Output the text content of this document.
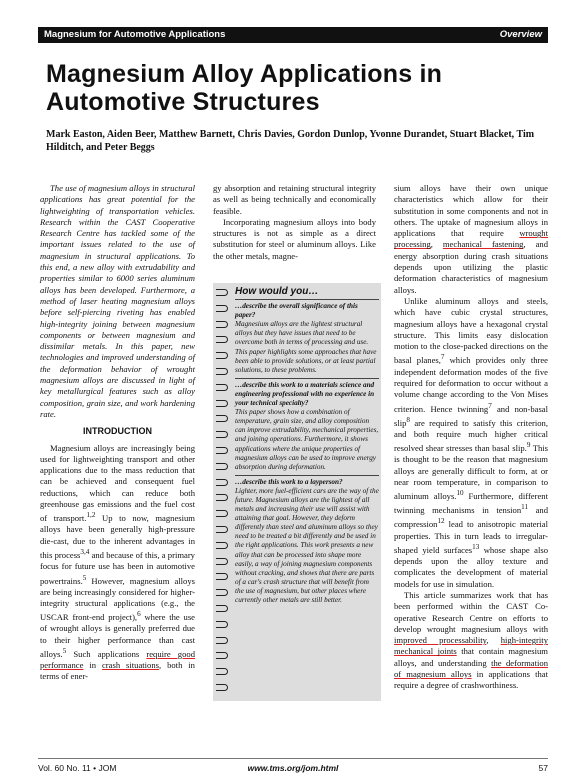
Magnesium for Automotive Applications	Overview
Magnesium Alloy Applications in Automotive Structures
Mark Easton, Aiden Beer, Matthew Barnett, Chris Davies, Gordon Dunlop, Yvonne Durandet, Stuart Blacket, Tim Hilditch, and Peter Beggs

The use of magnesium alloys in structural applications has great potential for the lightweighting of transportation vehicles. Research within the CAST Cooperative Research Centre has tackled some of the important issues related to the use of magnesium in structural applications. To this end, a new alloy with extrudability and properties similar to 6000 series aluminum alloys has been developed. Furthermore, a method of laser heating magnesium alloys before self-piercing riveting has enabled high-integrity joining between magnesium components or between magnesium and dissimilar metals. In this paper, new technologies and improved understanding of the deformation behavior of wrought magnesium alloys are discussed in light of key metallurgical features such as alloy composition, grain size, and work hardening rate.

INTRODUCTION

Magnesium alloys are increasingly being used for lightweighting transport and other applications due to the mass reduction that can be achieved and consequent fuel reductions, which can reduce both greenhouse gas emissions and the fuel cost of transport.$^{1,2}$ Up to now, magnesium alloys have been generally high-pressure die-cast, due to the inherent advantages in this process$^{3,4}$ and because of this, a primary focus for future use has been in automotive powertrains.$^5$ However, magnesium alloys are being increasingly considered for higher-integrity structural applications (e.g., the USCAR front-end project),$^6$ where the use of wrought alloys is generally preferred due to their higher performance than cast alloys.$^5$ Such applications require good performance in crash situations, both in terms of ener-

gy absorption and retaining structural integrity as well as being technically and economically feasible.

Incorporating magnesium alloys into body structures is not as simple as a direct substitution for steel or aluminum alloys. Like the other metals, magne-

How would you…
…describe the overall significance of this paper?
Magnesium alloys are the lightest structural alloys but they have issues that need to be overcome both in terms of processing and use. This paper highlights some approaches that have been able to provide solutions, or at least partial solutions, to these problems.
…describe this work to a materials science and engineering professional with no experience in your technical specialty?
This paper shows how a combination of temperature, grain size, and alloy composition can improve extrudability, mechanical properties, and joining operations. Furthermore, it shows applications where the unique properties of magnesium alloys can be used to improve energy absorption during deformation.
…describe this work to a layperson?
Lighter, more fuel-efficient cars are the way of the future. Magnesium alloys are the lightest of all metals and increasing their use will assist with attaining that goal. However, they deform differently than steel and aluminum alloys so they need to be treated a bit differently and be used in the right applications. This work presents a new alloy that can be processed into shape more easily, a way of joining magnesium components without cracking, and shows that there are parts of a car's crash structure that will benefit from the use of magnesium, but other places where currently other metals are still better.

sium alloys have their own unique characteristics which allow for their substitution in some components and not in others. The uptake of magnesium alloys in applications that require wrought processing, mechanical fastening, and energy absorption during crash situations depends upon utilizing the plastic deformation characteristics of magnesium alloys.

Unlike aluminum alloys and steels, which have cubic crystal structures, magnesium alloys have a hexagonal crystal structure. This limits easy dislocation motion to the close-packed directions on the basal planes,$^7$ which provides only three independent deformation modes of the five required for deformation to occur without a volume change according to the Von Mises criterion. Hence twinning$^7$ and non-basal slip$^8$ are required to satisfy this criterion, and both require much higher critical resolved shear stresses than basal slip.$^9$ This is thought to be the reason that magnesium alloys are generally difficult to form, at or near room temperature, in comparison to aluminum alloys.$^{10}$ Furthermore, different twinning mechanisms in tension$^{11}$ and compression$^{12}$ lead to anisotropic material properties. This in turn leads to irregular-shaped yield surfaces$^{13}$ whose shape also depends upon the alloy texture and complicates the development of material models for use in simulation.

This article summarizes work that has been performed within the CAST Co-operative Research Centre on efforts to develop wrought magnesium alloys with improved processability, high-integrity mechanical joints that contain magnesium alloys, and understanding the deformation of magnesium alloys in applications that require a degree of crashworthiness.

Vol. 60 No. 11 • JOM	www.tms.org/jom.html	57
